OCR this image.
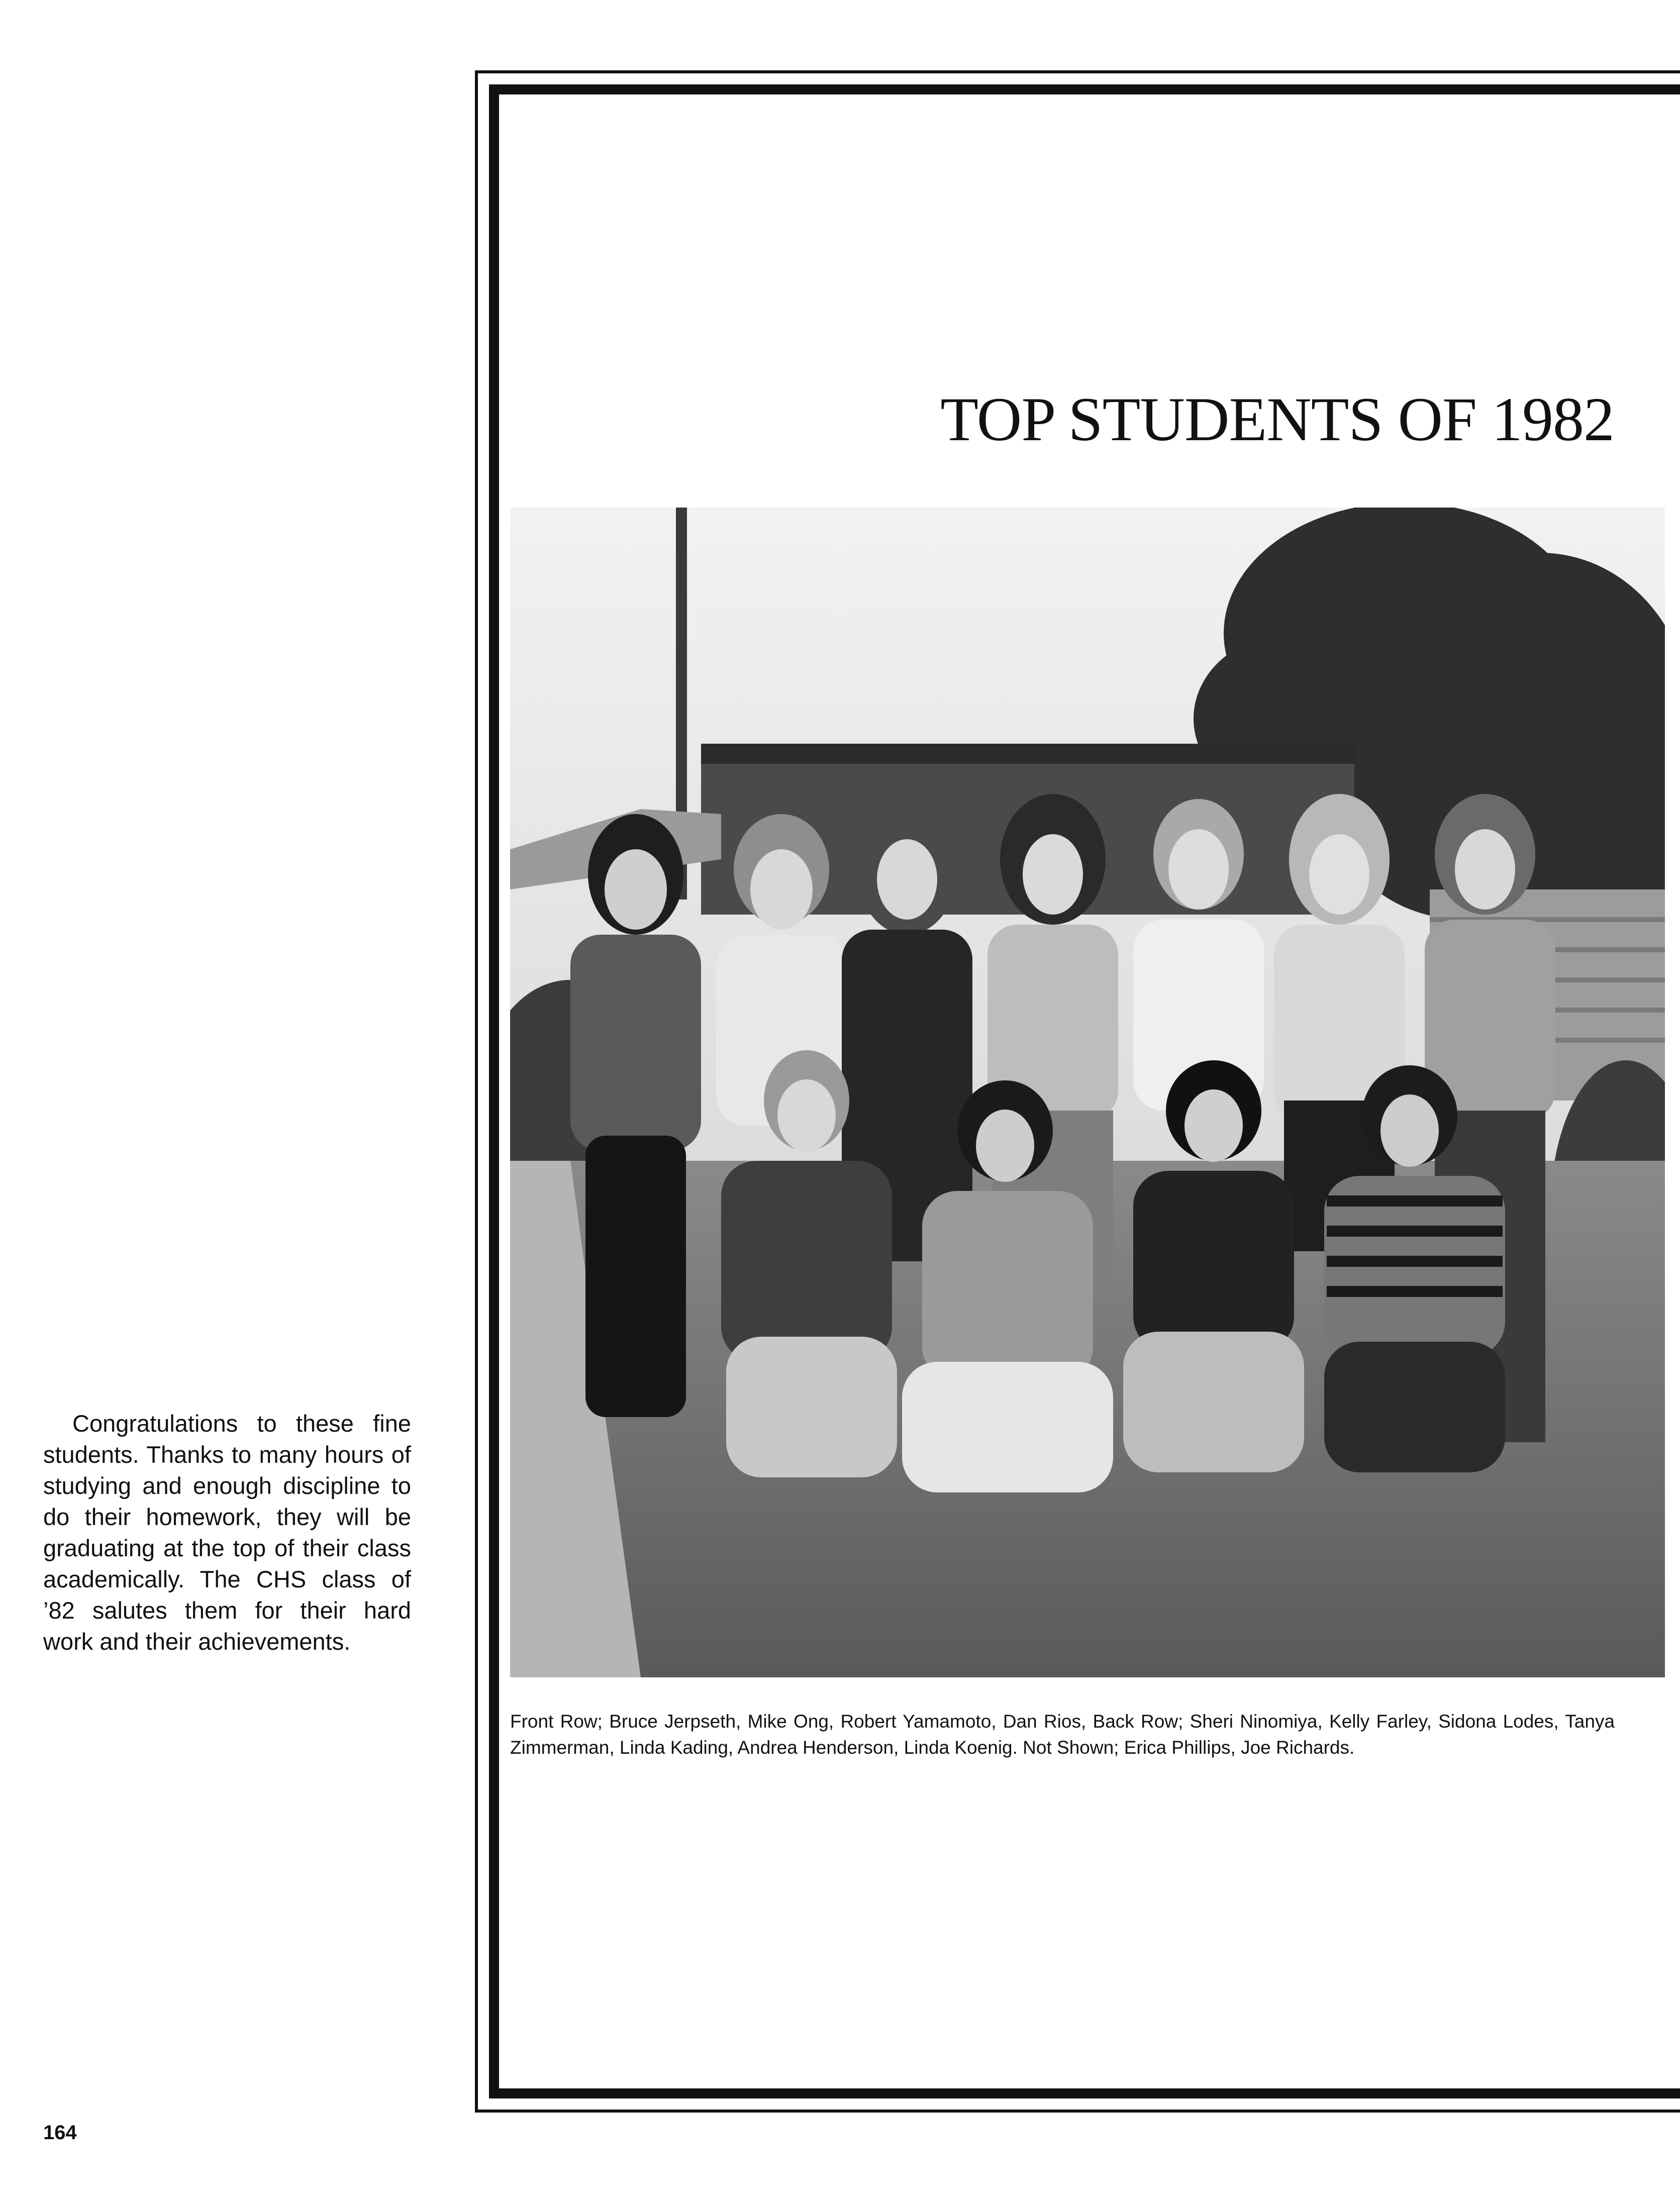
Congratulations to these fine students. Thanks to many hours of studying and enough discipline to do their homework, they will be graduating at the top of their class academically. The CHS class of ’82 salutes them for their hard work and their achievements.

164
TOP STUDENTS OF 1982

Front Row; Bruce Jerpseth, Mike Ong, Robert Yamamoto, Dan Rios, Back Row; Sheri Ninomiya, Kelly Farley, Sidona Lodes, Tanya Zimmerman, Linda Kading, Andrea Henderson, Linda Koenig. Not Shown; Erica Phillips, Joe Richards.
